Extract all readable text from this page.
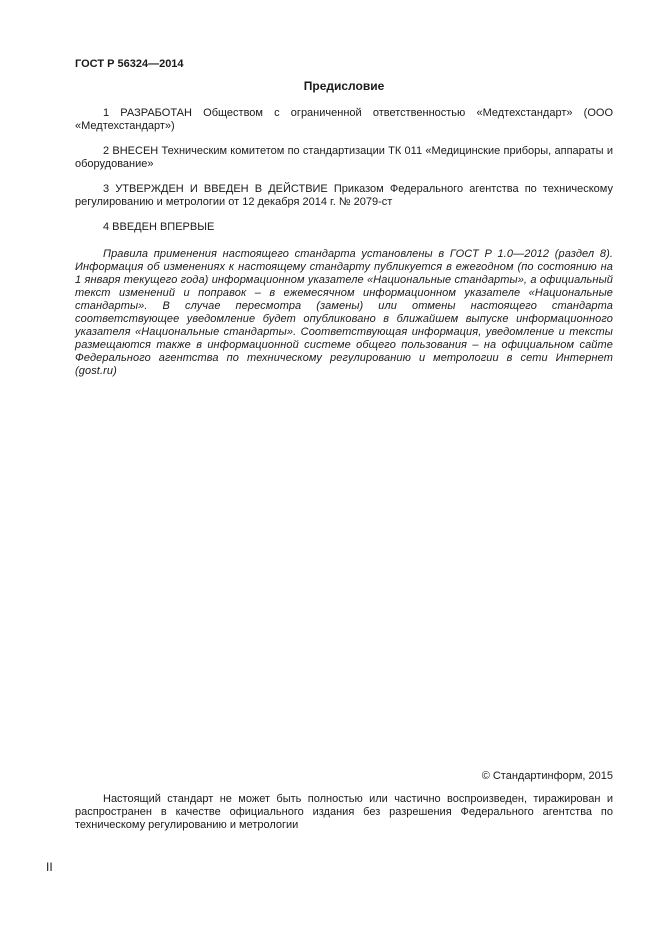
ГОСТ Р 56324—2014
Предисловие

1 РАЗРАБОТАН Обществом с ограниченной ответственностью «Медтехстандарт» (ООО «Медтехстандарт»)

2 ВНЕСЕН Техническим комитетом по стандартизации ТК 011 «Медицинские приборы, аппараты и оборудование»

3 УТВЕРЖДЕН И ВВЕДЕН В ДЕЙСТВИЕ Приказом Федерального агентства по техническому регулированию и метрологии от 12 декабря 2014 г. № 2079-ст

4 ВВЕДЕН ВПЕРВЫЕ

Правила применения настоящего стандарта установлены в ГОСТ Р 1.0—2012 (раздел 8). Информация об изменениях к настоящему стандарту публикуется в ежегодном (по состоянию на 1 января текущего года) информационном указателе «Национальные стандарты», а официальный текст изменений и поправок – в ежемесячном информационном указателе «Национальные стандарты». В случае пересмотра (замены) или отмены настоящего стандарта соответствующее уведомление будет опубликовано в ближайшем выпуске информационного указателя «Национальные стандарты». Соответствующая информация, уведомление и тексты размещаются также в информационной системе общего пользования – на официальном сайте Федерального агентства по техническому регулированию и метрологии в сети Интернет (gost.ru)

© Стандартинформ, 2015

Настоящий стандарт не может быть полностью или частично воспроизведен, тиражирован и распространен в качестве официального издания без разрешения Федерального агентства по техническому регулированию и метрологии

II
